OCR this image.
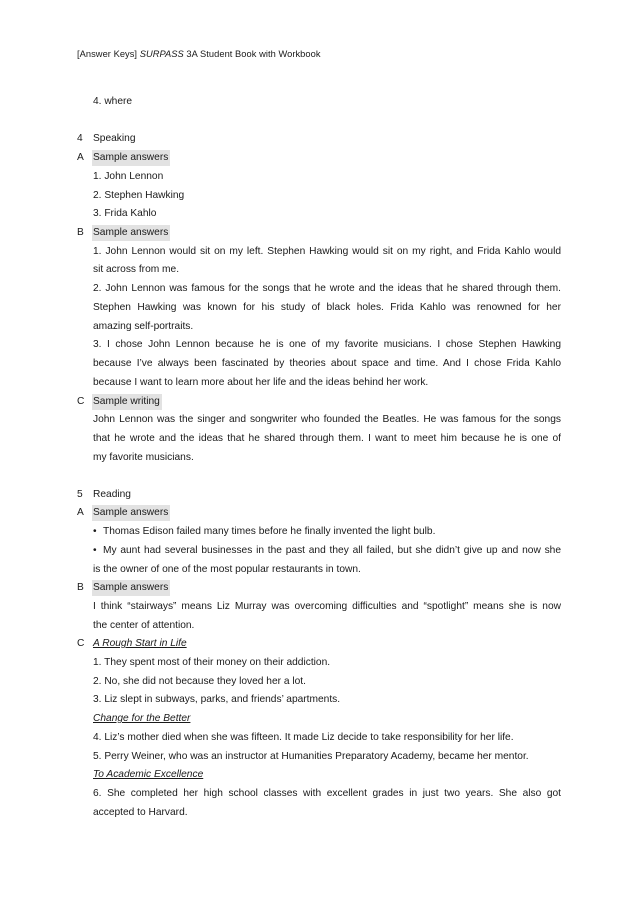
[Answer Keys] SURPASS 3A Student Book with Workbook
4. where
4 Speaking
A Sample answers
1. John Lennon
2. Stephen Hawking
3. Frida Kahlo
B Sample answers
1. John Lennon would sit on my left. Stephen Hawking would sit on my right, and Frida Kahlo would
sit across from me.
2. John Lennon was famous for the songs that he wrote and the ideas that he shared through them.
Stephen Hawking was known for his study of black holes. Frida Kahlo was renowned for her
amazing self-portraits.
3. I chose John Lennon because he is one of my favorite musicians. I chose Stephen Hawking
because I’ve always been fascinated by theories about space and time. And I chose Frida Kahlo
because I want to learn more about her life and the ideas behind her work.
C Sample writing
John Lennon was the singer and songwriter who founded the Beatles. He was famous for the songs
that he wrote and the ideas that he shared through them. I want to meet him because he is one of
my favorite musicians.
5 Reading
A Sample answers
• Thomas Edison failed many times before he finally invented the light bulb.
• My aunt had several businesses in the past and they all failed, but she didn’t give up and now she
is the owner of one of the most popular restaurants in town.
B Sample answers
I think “stairways” means Liz Murray was overcoming difficulties and “spotlight” means she is now
the center of attention.
C A Rough Start in Life
1. They spent most of their money on their addiction.
2. No, she did not because they loved her a lot.
3. Liz slept in subways, parks, and friends’ apartments.
Change for the Better
4. Liz’s mother died when she was fifteen. It made Liz decide to take responsibility for her life.
5. Perry Weiner, who was an instructor at Humanities Preparatory Academy, became her mentor.
To Academic Excellence
6. She completed her high school classes with excellent grades in just two years. She also got
accepted to Harvard.
